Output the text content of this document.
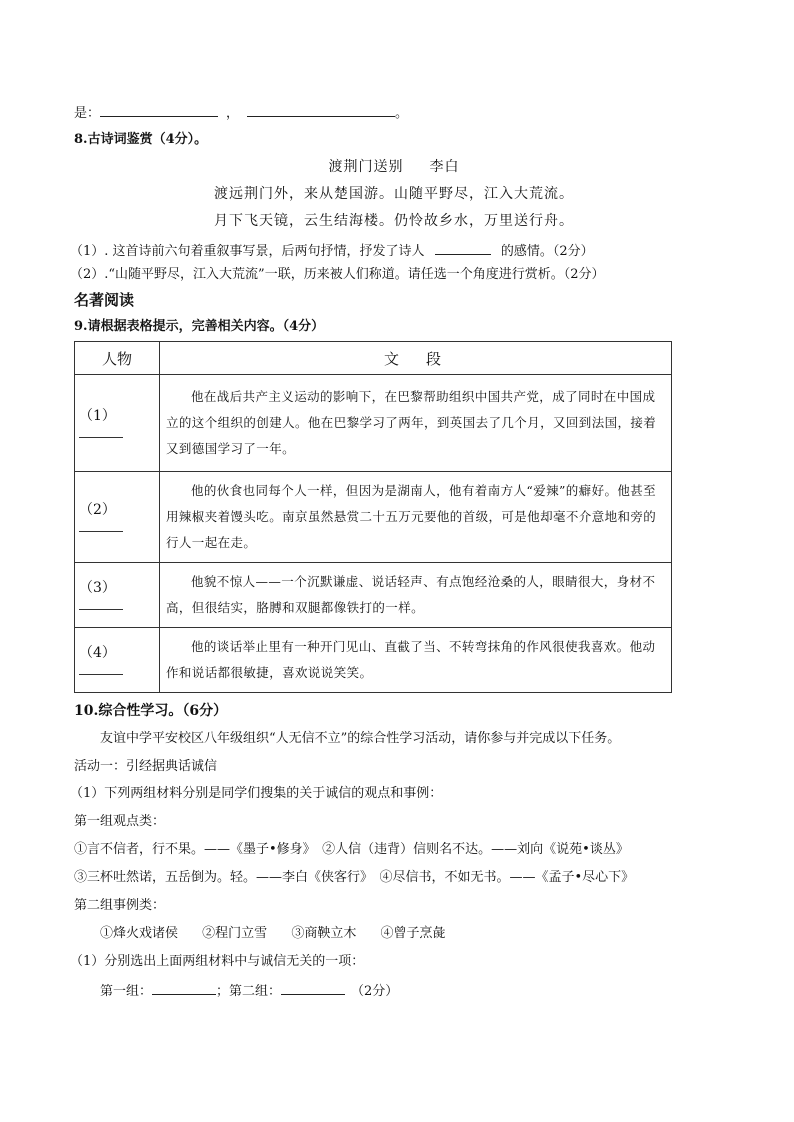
是：	，	。
8.古诗词鉴赏（4分）。
渡荆门送别 李白
渡远荆门外，来从楚国游。山随平野尽，江入大荒流。
月下飞天镜，云生结海楼。仍怜故乡水，万里送行舟。
（1）. 这首诗前六句着重叙事写景，后两句抒情，抒发了诗人	的感情。（2分）
（2）.“山随平野尽，江入大荒流”一联，历来被人们称道。请任选一个角度进行赏析。（2分）
名著阅读
9.请根据表格提示，完善相关内容。（4分）
人物	文　段
（1）	他在战后共产主义运动的影响下，在巴黎帮助组织中国共产党，成了同时在中国成立的这个组织的创建人。他在巴黎学习了两年，到英国去了几个月，又回到法国，接着又到德国学习了一年。

（2）	他的伙食也同每个人一样，但因为是湖南人，他有着南方人“爱辣”的癖好。他甚至用辣椒夹着馒头吃。南京虽然悬赏二十五万元要他的首级，可是他却毫不介意地和旁的行人一起在走。

（3）	他貌不惊人——一个沉默谦虚、说话轻声、有点饱经沧桑的人，眼睛很大，身材不高，但很结实，胳膊和双腿都像铁打的一样。

（4）	他的谈话举止里有一种开门见山、直截了当、不转弯抹角的作风很使我喜欢。他动作和说话都很敏捷，喜欢说说笑笑。
10.综合性学习。（6分）
友谊中学平安校区八年级组织“人无信不立”的综合性学习活动，请你参与并完成以下任务。
活动一：引经据典话诚信
（1）下列两组材料分别是同学们搜集的关于诚信的观点和事例：
第一组观点类：
①言不信者，行不果。——《墨子•修身》　②人信（违背）信则名不达。——刘向《说苑•谈丛》
③三杯吐然诺，五岳倒为。轻。——李白《侠客行》　④尽信书，不如无书。——《孟子•尽心下》
第二组事例类：
①烽火戏诸侯 ②程门立雪 ③商鞅立木 ④曾子烹彘
（1）分别选出上面两组材料中与诚信无关的一项：
第一组：	；第二组：	（2分）
